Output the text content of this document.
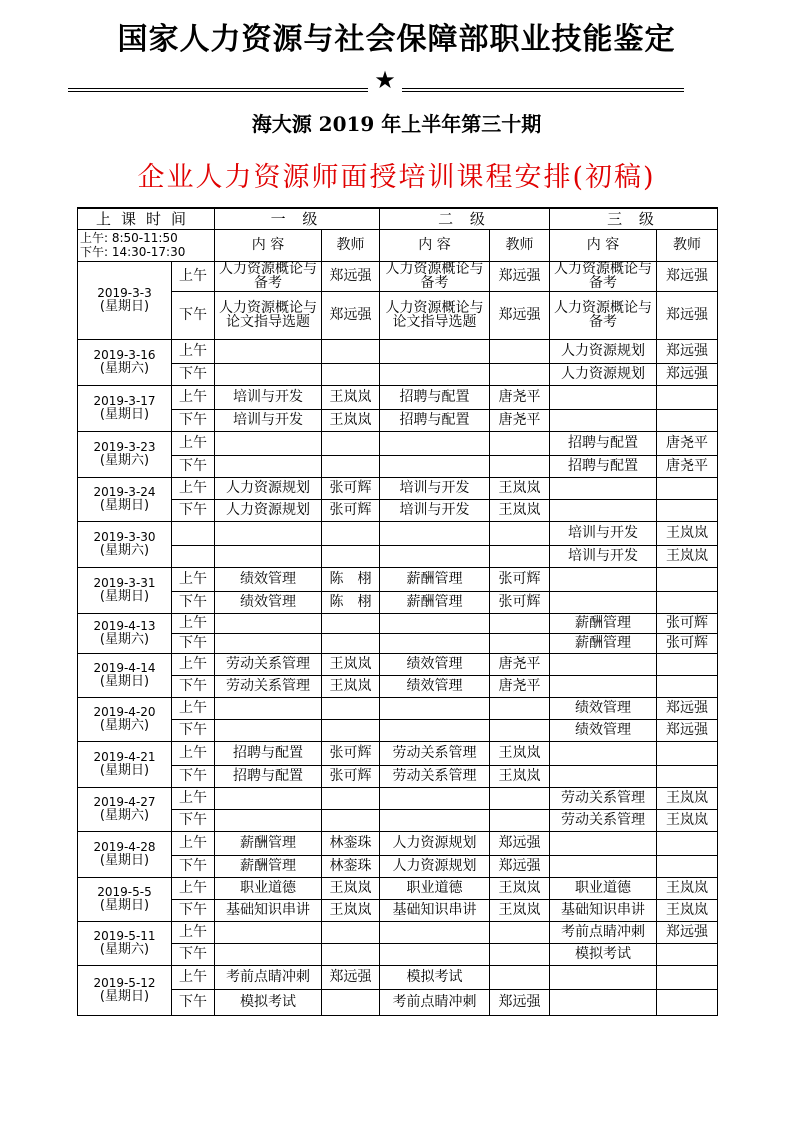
国家人力资源与社会保障部职业技能鉴定
★
海大源 2019 年上半年第三十期
企业人力资源师面授培训课程安排(初稿)
上课时间		一 级		二 级		三 级	

上午: 8:50-11:50
下午: 14:30-17:30		内 容	教师	内 容	教师	内 容	教师

2019-3-3
(星期日)	上午	人力资源概论与备考	郑远强	人力资源概论与备考	郑远强	人力资源概论与备考	郑远强
	下午	人力资源概论与论文指导选题	郑远强	人力资源概论与论文指导选题	郑远强	人力资源概论与备考	郑远强

2019-3-16
(星期六)	上午					人力资源规划	郑远强
	下午					人力资源规划	郑远强

2019-3-17
(星期日)	上午	培训与开发	王岚岚	招聘与配置	唐尧平		
	下午	培训与开发	王岚岚	招聘与配置	唐尧平		

2019-3-23
(星期六)	上午					招聘与配置	唐尧平
	下午					招聘与配置	唐尧平

2019-3-24
(星期日)	上午	人力资源规划	张可辉	培训与开发	王岚岚		
	下午	人力资源规划	张可辉	培训与开发	王岚岚		

2019-3-30
(星期六)						培训与开发	王岚岚
						培训与开发	王岚岚

2019-3-31
(星期日)	上午	绩效管理	陈　栩	薪酬管理	张可辉		
	下午	绩效管理	陈　栩	薪酬管理	张可辉		

2019-4-13
(星期六)	上午					薪酬管理	张可辉
	下午					薪酬管理	张可辉

2019-4-14
(星期日)	上午	劳动关系管理	王岚岚	绩效管理	唐尧平		
	下午	劳动关系管理	王岚岚	绩效管理	唐尧平		

2019-4-20
(星期六)	上午					绩效管理	郑远强
	下午					绩效管理	郑远强

2019-4-21
(星期日)	上午	招聘与配置	张可辉	劳动关系管理	王岚岚		
	下午	招聘与配置	张可辉	劳动关系管理	王岚岚		

2019-4-27
(星期六)	上午					劳动关系管理	王岚岚
	下午					劳动关系管理	王岚岚

2019-4-28
(星期日)	上午	薪酬管理	林銮珠	人力资源规划	郑远强		
	下午	薪酬管理	林銮珠	人力资源规划	郑远强		

2019-5-5
(星期日)	上午	职业道德	王岚岚	职业道德	王岚岚	职业道德	王岚岚
	下午	基础知识串讲	王岚岚	基础知识串讲	王岚岚	基础知识串讲	王岚岚

2019-5-11
(星期六)	上午					考前点睛冲刺	郑远强
	下午					模拟考试	

2019-5-12
(星期日)	上午	考前点睛冲刺	郑远强	模拟考试			
	下午	模拟考试		考前点睛冲刺	郑远强		
